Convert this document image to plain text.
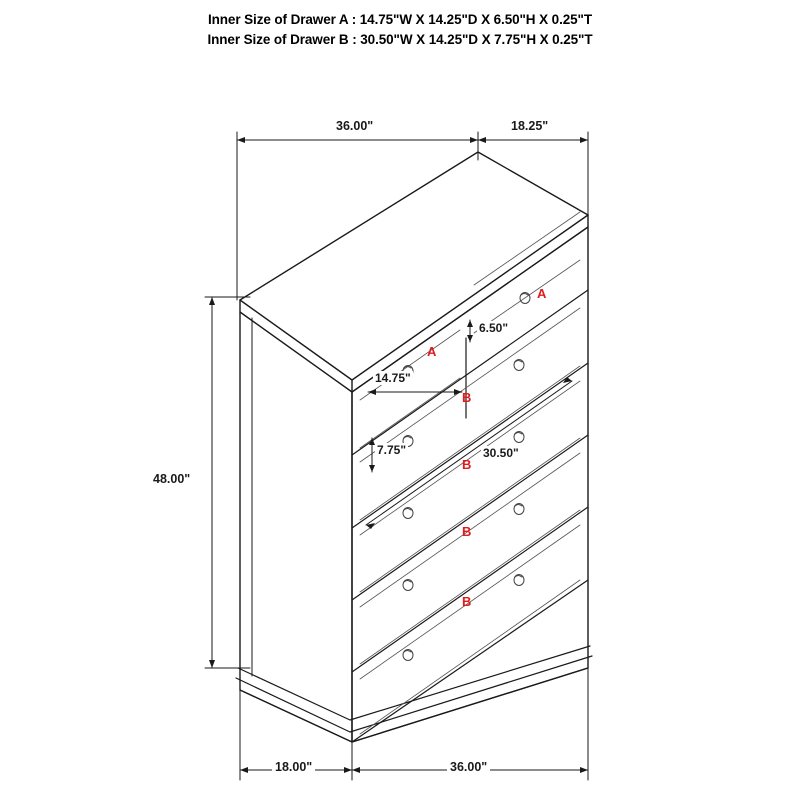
Inner Size of Drawer A : 14.75"W X 14.25"D X 6.50"H X 0.25"T
Inner Size of Drawer B : 30.50"W X 14.25"D X 7.75"H X 0.25"T
36.00"	18.25"
48.00"
18.00"	36.00"
6.50"
14.75"
7.75"	30.50"
A
A
B
B
B
B
